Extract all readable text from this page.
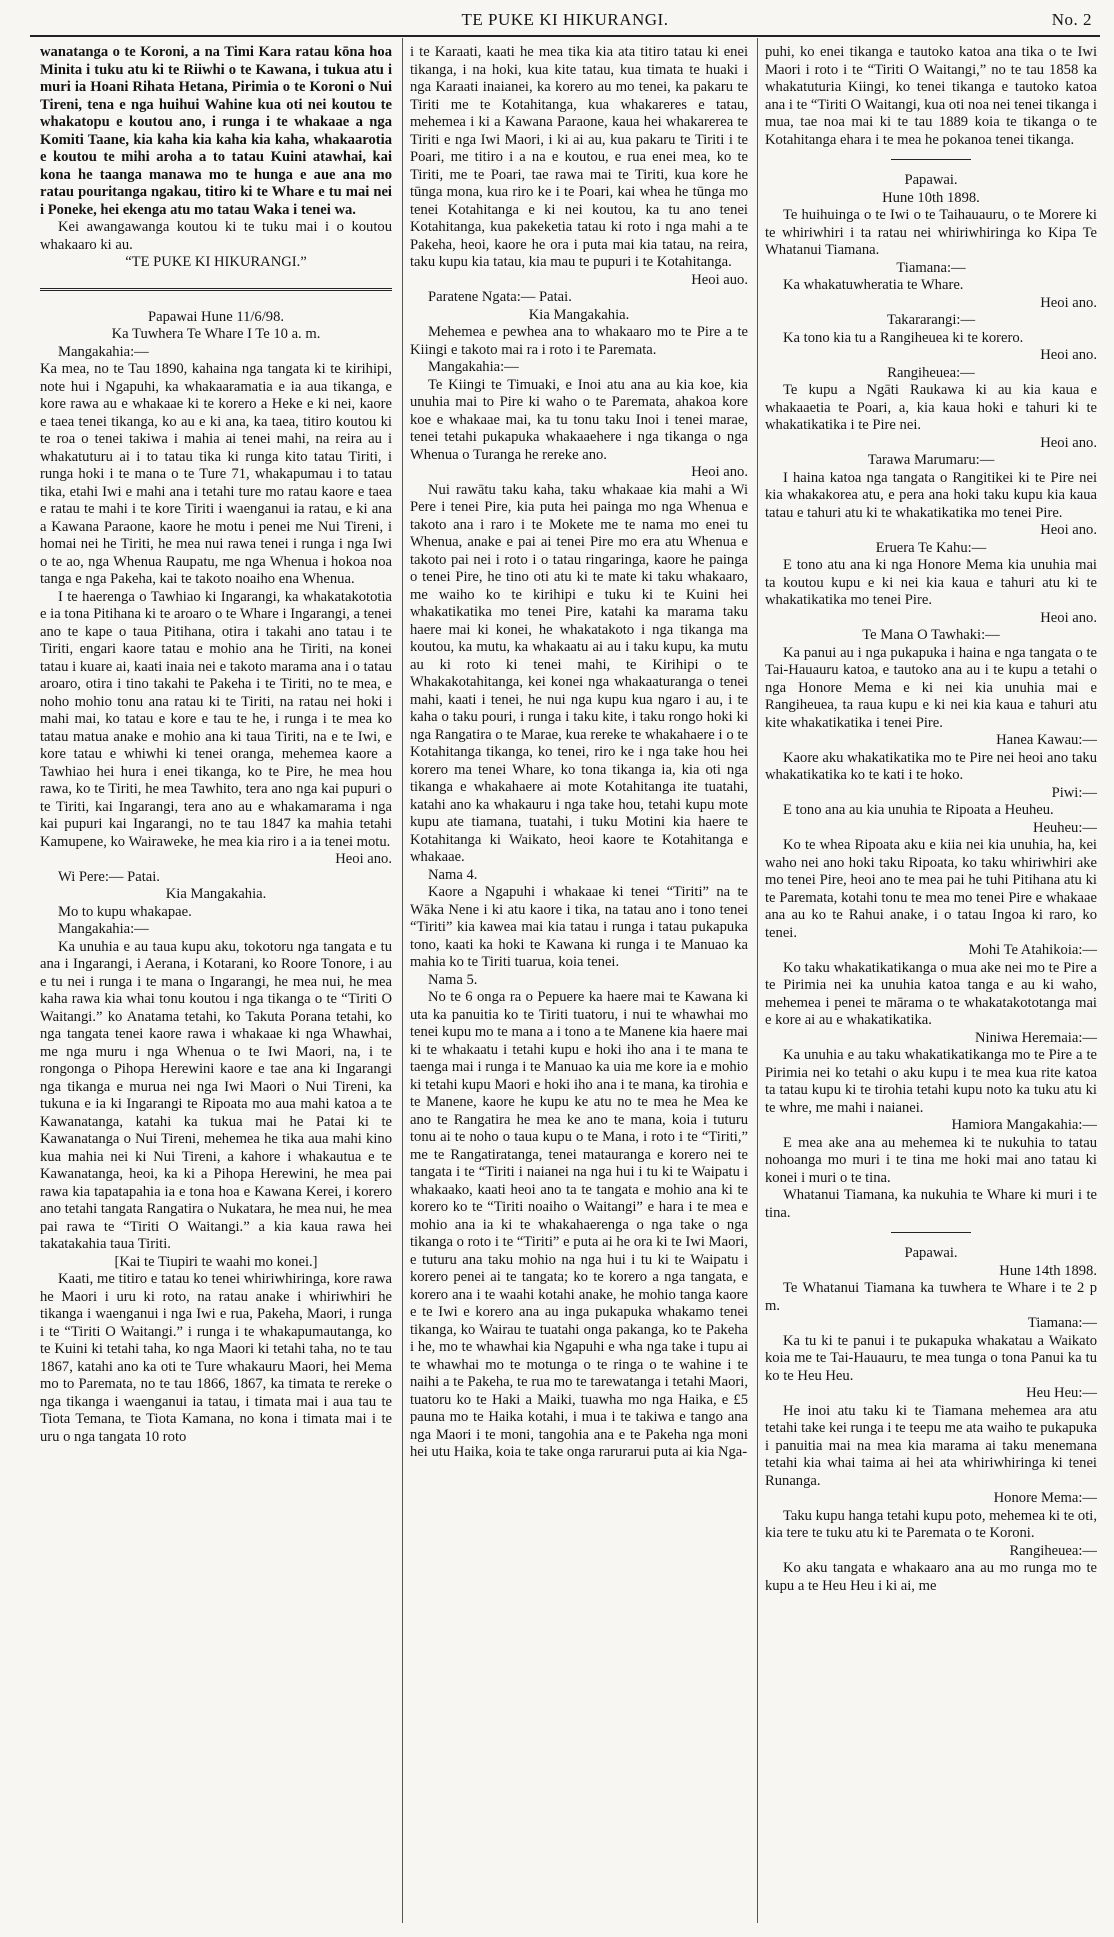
TE PUKE KI HIKURANGI.	No. 2

wanatanga o te Koroni, a na Timi Kara ratau kōna hoa Minita i tuku atu ki te Riiwhi o te Kawana, i tukua atu i muri ia Hoani Rihata Hetana, Pirimia o te Koroni o Nui Tireni, tena e nga huihui Wahine kua oti nei koutou te whakatopu e koutou ano, i runga i te whakaae a nga Komiti Taane, kia kaha kia kaha kia kaha, whakaarotia e koutou te mihi aroha a to tatau Kuini atawhai, kai kona he taanga manawa mo te hunga e aue ana mo ratau pouritanga ngakau, titiro ki te Whare e tu mai nei i Poneke, hei ekenga atu mo tatau Waka i tenei wa.

Kei awangawanga koutou ki te tuku mai i o koutou whakaaro ki au.

“TE PUKE KI HIKURANGI.”

Papawai Hune 11/6/98.

Ka Tuwhera Te Whare I Te 10 a. m.

Mangakahia:—

Ka mea, no te Tau 1890, kahaina nga tangata ki te kirihipi, note hui i Ngapuhi, ka whakaaramatia e ia aua tikanga, e kore rawa au e whakaae ki te korero a Heke e ki nei, kaore e taea tenei tikanga, ko au e ki ana, ka taea, titiro koutou ki te roa o tenei takiwa i mahia ai tenei mahi, na reira au i whakatuturu ai i to tatau tika ki runga kito tatau Tiriti, i runga hoki i te mana o te Ture 71, whakapumau i to tatau tika, etahi Iwi e mahi ana i tetahi ture mo ratau kaore e taea e ratau te mahi i te kore Tiriti i waenganui ia ratau, e ki ana a Kawana Paraone, kaore he motu i penei me Nui Tireni, i homai nei he Tiriti, he mea nui rawa tenei i runga i nga Iwi o te ao, nga Whenua Raupatu, me nga Whenua i hokoa noa tanga e nga Pakeha, kai te takoto noaiho ena Whenua.

I te haerenga o Tawhiao ki Ingarangi, ka whakatakototia e ia tona Pitihana ki te aroaro o te Whare i Ingarangi, a tenei ano te kape o taua Pitihana, otira i takahi ano tatau i te Tiriti, engari kaore tatau e mohio ana he Tiriti, na konei tatau i kuare ai, kaati inaia nei e takoto marama ana i o tatau aroaro, otira i tino takahi te Pakeha i te Tiriti, no te mea, e noho mohio tonu ana ratau ki te Tiriti, na ratau nei hoki i mahi mai, ko tatau e kore e tau te he, i runga i te mea ko tatau matua anake e mohio ana ki taua Tiriti, na e te Iwi, e kore tatau e whiwhi ki tenei oranga, mehemea kaore a Tawhiao hei hura i enei tikanga, ko te Pire, he mea hou rawa, ko te Tiriti, he mea Tawhito, tera ano nga kai pupuri o te Tiriti, kai Ingarangi, tera ano au e whakamarama i nga kai pupuri kai Ingarangi, no te tau 1847 ka mahia tetahi Kamupene, ko Wairaweke, he mea kia riro i a ia tenei motu.

Heoi ano.

Wi Pere:— Patai.

Kia Mangakahia.

Mo to kupu whakapae.

Mangakahia:—

Ka unuhia e au taua kupu aku, tokotoru nga tangata e tu ana i Ingarangi, i Aerana, i Kotarani, ko Roore Tonore, i au e tu nei i runga i te mana o Ingarangi, he mea nui, he mea kaha rawa kia whai tonu koutou i nga tikanga o te “Tiriti O Waitangi.” ko Anatama tetahi, ko Takuta Porana tetahi, ko nga tangata tenei kaore rawa i whakaae ki nga Whawhai, me nga muru i nga Whenua o te Iwi Maori, na, i te rongonga o Pihopa Herewini kaore e tae ana ki Ingarangi nga tikanga e murua nei nga Iwi Maori o Nui Tireni, ka tukuna e ia ki Ingarangi te Ripoata mo aua mahi katoa a te Kawanatanga, katahi ka tukua mai he Patai ki te Kawanatanga o Nui Tireni, mehemea he tika aua mahi kino kua mahia nei ki Nui Tireni, a kahore i whakautua e te Kawanatanga, heoi, ka ki a Pihopa Herewini, he mea pai rawa kia tapatapahia ia e tona hoa e Kawana Kerei, i korero ano tetahi tangata Rangatira o Nukatara, he mea nui, he mea pai rawa te “Tiriti O Waitangi.” a kia kaua rawa hei takatakahia taua Tiriti.

[Kai te Tiupiri te waahi mo konei.]

Kaati, me titiro e tatau ko tenei whiriwhiringa, kore rawa he Maori i uru ki roto, na ratau anake i whiriwhiri he tikanga i waenganui i nga Iwi e rua, Pakeha, Maori, i runga i te “Tiriti O Waitangi.” i runga i te whakapumautanga, ko te Kuini ki tetahi taha, ko nga Maori ki tetahi taha, no te tau 1867, katahi ano ka oti te Ture whakauru Maori, hei Mema mo to Paremata, no te tau 1866, 1867, ka timata te rereke o nga tikanga i waenganui ia tatau, i timata mai i aua tau te Tiota Temana, te Tiota Kamana, no kona i timata mai i te uru o nga tangata 10 roto

i te Karaati, kaati he mea tika kia ata titiro tatau ki enei tikanga, i na hoki, kua kite tatau, kua timata te huaki i nga Karaati inaianei, ka korero au mo tenei, ka pakaru te Tiriti me te Kotahitanga, kua whakareres e tatau, mehemea i ki a Kawana Paraone, kaua hei whakarerea te Tiriti e nga Iwi Maori, i ki ai au, kua pakaru te Tiriti i te Poari, me titiro i a na e koutou, e rua enei mea, ko te Tiriti, me te Poari, tae rawa mai te Tiriti, kua kore he tūnga mona, kua riro ke i te Poari, kai whea he tūnga mo tenei Kotahitanga e ki nei koutou, ka tu ano tenei Kotahitanga, kua pakeketia tatau ki roto i nga mahi a te Pakeha, heoi, kaore he ora i puta mai kia tatau, na reira, taku kupu kia tatau, kia mau te pupuri i te Kotahitanga.

Heoi auo.

Paratene Ngata:— Patai.

Kia Mangakahia.

Mehemea e pewhea ana to whakaaro mo te Pire a te Kiingi e takoto mai ra i roto i te Paremata.

Mangakahia:—

Te Kiingi te Timuaki, e Inoi atu ana au kia koe, kia unuhia mai to Pire ki waho o te Paremata, ahakoa kore koe e whakaae mai, ka tu tonu taku Inoi i tenei marae, tenei tetahi pukapuka whakaaehere i nga tikanga o nga Whenua o Turanga he rereke ano.

Heoi ano.

Nui rawātu taku kaha, taku whakaae kia mahi a Wi Pere i tenei Pire, kia puta hei painga mo nga Whenua e takoto ana i raro i te Mokete me te nama mo enei tu Whenua, anake e pai ai tenei Pire mo era atu Whenua e takoto pai nei i roto i o tatau ringaringa, kaore he painga o tenei Pire, he tino oti atu ki te mate ki taku whakaaro, me waiho ko te kirihipi e tuku ki te Kuini hei whakatikatika mo tenei Pire, katahi ka marama taku haere mai ki konei, he whakatakoto i nga tikanga ma koutou, ka mutu, ka whakaatu ai au i taku kupu, ka mutu au ki roto ki tenei mahi, te Kirihipi o te Whakakotahitanga, kei konei nga whakaaturanga o tenei mahi, kaati i tenei, he nui nga kupu kua ngaro i au, i te kaha o taku pouri, i runga i taku kite, i taku rongo hoki ki nga Rangatira o te Marae, kua rereke te whakahaere i o te Kotahitanga tikanga, ko tenei, riro ke i nga take hou hei korero ma tenei Whare, ko tona tikanga ia, kia oti nga tikanga e whakahaere ai mote Kotahitanga ite tuatahi, katahi ano ka whakauru i nga take hou, tetahi kupu mote kupu ate tiamana, tuatahi, i tuku Motini kia haere te Kotahitanga ki Waikato, heoi kaore te Kotahitanga e whakaae.

Nama 4.

Kaore a Ngapuhi i whakaae ki tenei “Tiriti” na te Wāka Nene i ki atu kaore i tika, na tatau ano i tono tenei “Tiriti” kia kawea mai kia tatau i runga i tatau pukapuka tono, kaati ka hoki te Kawana ki runga i te Manuao ka mahia ko te Tiriti tuarua, koia tenei.

Nama 5.

No te 6 onga ra o Pepuere ka haere mai te Kawana ki uta ka panuitia ko te Tiriti tuatoru, i nui te whawhai mo tenei kupu mo te mana a i tono a te Manene kia haere mai ki te whakaatu i tetahi kupu e hoki iho ana i te mana te taenga mai i runga i te Manuao ka uia me kore ia e mohio ki tetahi kupu Maori e hoki iho ana i te mana, ka tirohia e te Manene, kaore he kupu ke atu no te mea he Mea ke ano te Rangatira he mea ke ano te mana, koia i tuturu tonu ai te noho o taua kupu o te Mana, i roto i te “Tiriti,” me te Rangatiratanga, tenei matauranga e korero nei te tangata i te “Tiriti i naianei na nga hui i tu ki te Waipatu i whakaako, kaati heoi ano ta te tangata e mohio ana ki te korero ko te “Tiriti noaiho o Waitangi” e hara i te mea e mohio ana ia ki te whakahaerenga o nga take o nga tikanga o roto i te “Tiriti” e puta ai he ora ki te Iwi Maori, e tuturu ana taku mohio na nga hui i tu ki te Waipatu i korero penei ai te tangata; ko te korero a nga tangata, e korero ana i te waahi kotahi anake, he mohio tanga kaore e te Iwi e korero ana au inga pukapuka whakamo tenei tikanga, ko Wairau te tuatahi onga pakanga, ko te Pakeha i he, mo te whawhai kia Ngapuhi e wha nga take i tupu ai te whawhai mo te motunga o te ringa o te wahine i te naihi a te Pakeha, te rua mo te tarewatanga i tetahi Maori, tuatoru ko te Haki a Maiki, tuawha mo nga Haika, e £5 pauna mo te Haika kotahi, i mua i te takiwa e tango ana nga Maori i te moni, tangohia ana e te Pakeha nga moni hei utu Haika, koia te take onga rarurarui puta ai kia Nga-

puhi, ko enei tikanga e tautoko katoa ana tika o te Iwi Maori i roto i te “Tiriti O Waitangi,” no te tau 1858 ka whakatuturia Kiingi, ko tenei tikanga e tautoko katoa ana i te “Tiriti O Waitangi, kua oti noa nei tenei tikanga i mua, tae noa mai ki te tau 1889 koia te tikanga o te Kotahitanga ehara i te mea he pokanoa tenei tikanga.

Papawai.

Hune 10th 1898.

Te huihuinga o te Iwi o te Taihauauru, o te Morere ki te whiriwhiri i ta ratau nei whiriwhiringa ko Kipa Te Whatanui Tiamana.

Tiamana:—

Ka whakatuwheratia te Whare.

Heoi ano.

Takararangi:—

Ka tono kia tu a Rangiheuea ki te korero.

Heoi ano.

Rangiheuea:—

Te kupu a Ngāti Raukawa ki au kia kaua e whakaaetia te Poari, a, kia kaua hoki e tahuri ki te whakatikatika i te Pire nei.

Heoi ano.

Tarawa Marumaru:—

I haina katoa nga tangata o Rangitikei ki te Pire nei kia whakakorea atu, e pera ana hoki taku kupu kia kaua tatau e tahuri atu ki te whakatikatika mo tenei Pire.

Heoi ano.

Eruera Te Kahu:—

E tono atu ana ki nga Honore Mema kia unuhia mai ta koutou kupu e ki nei kia kaua e tahuri atu ki te whakatikatika mo tenei Pire.

Heoi ano.

Te Mana O Tawhaki:—

Ka panui au i nga pukapuka i haina e nga tangata o te Tai-Hauauru katoa, e tautoko ana au i te kupu a tetahi o nga Honore Mema e ki nei kia unuhia mai e Rangiheuea, ta raua kupu e ki nei kia kaua e tahuri atu kite whakatikatika i tenei Pire.

Hanea Kawau:—

Kaore aku whakatikatika mo te Pire nei heoi ano taku whakatikatika ko te kati i te hoko.

Piwi:—

E tono ana au kia unuhia te Ripoata a Heuheu.

Heuheu:—

Ko te whea Ripoata aku e kiia nei kia unuhia, ha, kei waho nei ano hoki taku Ripoata, ko taku whiriwhiri ake mo tenei Pire, heoi ano te mea pai he tuhi Pitihana atu ki te Paremata, kotahi tonu te mea mo tenei Pire e whakaae ana au ko te Rahui anake, i o tatau Ingoa ki raro, ko tenei.

Mohi Te Atahikoia:—

Ko taku whakatikatikanga o mua ake nei mo te Pire a te Pirimia nei ka unuhia katoa tanga e au ki waho, mehemea i penei te mārama o te whakatakototanga mai e kore ai au e whakatikatika.

Niniwa Heremaia:—

Ka unuhia e au taku whakatikatikanga mo te Pire a te Pirimia nei ko tetahi o aku kupu i te mea kua rite katoa ta tatau kupu ki te tirohia tetahi kupu noto ka tuku atu ki te whre, me mahi i naianei.

Hamiora Mangakahia:—

E mea ake ana au mehemea ki te nukuhia to tatau nohoanga mo muri i te tina me hoki mai ano tatau ki konei i muri o te tina.

Whatanui Tiamana, ka nukuhia te Whare ki muri i te tina.

Papawai.

Hune 14th 1898.

Te Whatanui Tiamana ka tuwhera te Whare i te 2 p m.

Tiamana:—

Ka tu ki te panui i te pukapuka whakatau a Waikato koia me te Tai-Hauauru, te mea tunga o tona Panui ka tu ko te Heu Heu.

Heu Heu:—

He inoi atu taku ki te Tiamana mehemea ara atu tetahi take kei runga i te teepu me ata waiho te pukapuka i panuitia mai na mea kia marama ai taku menemana tetahi kia whai taima ai hei ata whiriwhiringa ki tenei Runanga.

Honore Mema:—

Taku kupu hanga tetahi kupu poto, mehemea ki te oti, kia tere te tuku atu ki te Paremata o te Koroni.

Rangiheuea:—

Ko aku tangata e whakaaro ana au mo runga mo te kupu a te Heu Heu i ki ai, me
